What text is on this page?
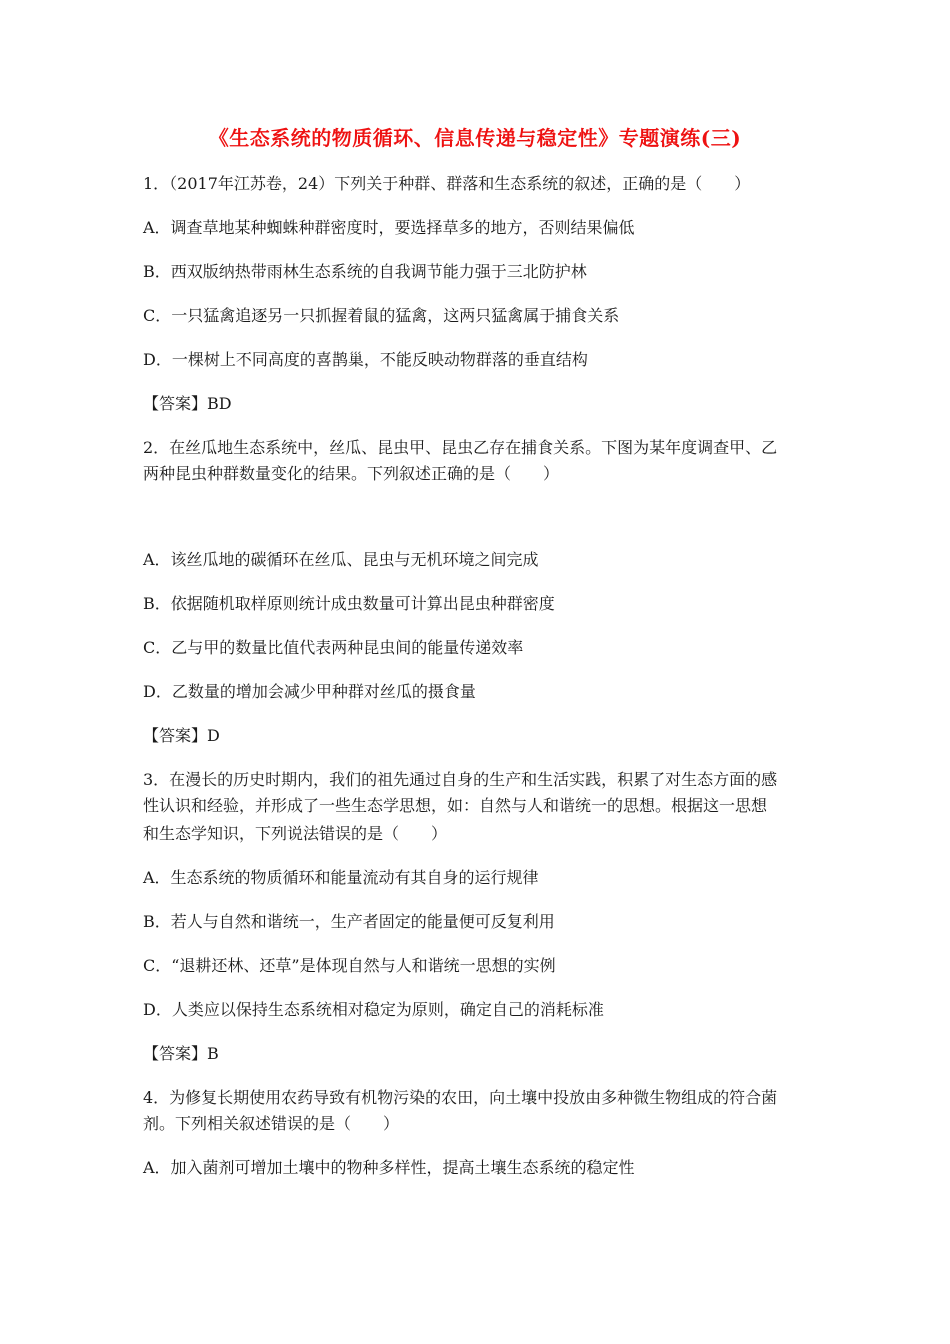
《生态系统的物质循环、信息传递与稳定性》专题演练(三)
1．（2017年江苏卷，24）下列关于种群、群落和生态系统的叙述，正确的是（　　）
A．调查草地某种蜘蛛种群密度时，要选择草多的地方，否则结果偏低
B．西双版纳热带雨林生态系统的自我调节能力强于三北防护林
C．一只猛禽追逐另一只抓握着鼠的猛禽，这两只猛禽属于捕食关系
D．一棵树上不同高度的喜鹊巢，不能反映动物群落的垂直结构
【答案】BD
2．在丝瓜地生态系统中，丝瓜、昆虫甲、昆虫乙存在捕食关系。下图为某年度调查甲、乙
两种昆虫种群数量变化的结果。下列叙述正确的是（　　）
A．该丝瓜地的碳循环在丝瓜、昆虫与无机环境之间完成
B．依据随机取样原则统计成虫数量可计算出昆虫种群密度
C．乙与甲的数量比值代表两种昆虫间的能量传递效率
D．乙数量的增加会减少甲种群对丝瓜的摄食量
【答案】D
3．在漫长的历史时期内，我们的祖先通过自身的生产和生活实践，积累了对生态方面的感
性认识和经验，并形成了一些生态学思想，如：自然与人和谐统一的思想。根据这一思想
和生态学知识，下列说法错误的是（　　）
A．生态系统的物质循环和能量流动有其自身的运行规律
B．若人与自然和谐统一，生产者固定的能量便可反复利用
C．“退耕还林、还草”是体现自然与人和谐统一思想的实例
D．人类应以保持生态系统相对稳定为原则，确定自己的消耗标准
【答案】B
4．为修复长期使用农药导致有机物污染的农田，向土壤中投放由多种微生物组成的符合菌
剂。下列相关叙述错误的是（　　）
A．加入菌剂可增加土壤中的物种多样性，提高土壤生态系统的稳定性
